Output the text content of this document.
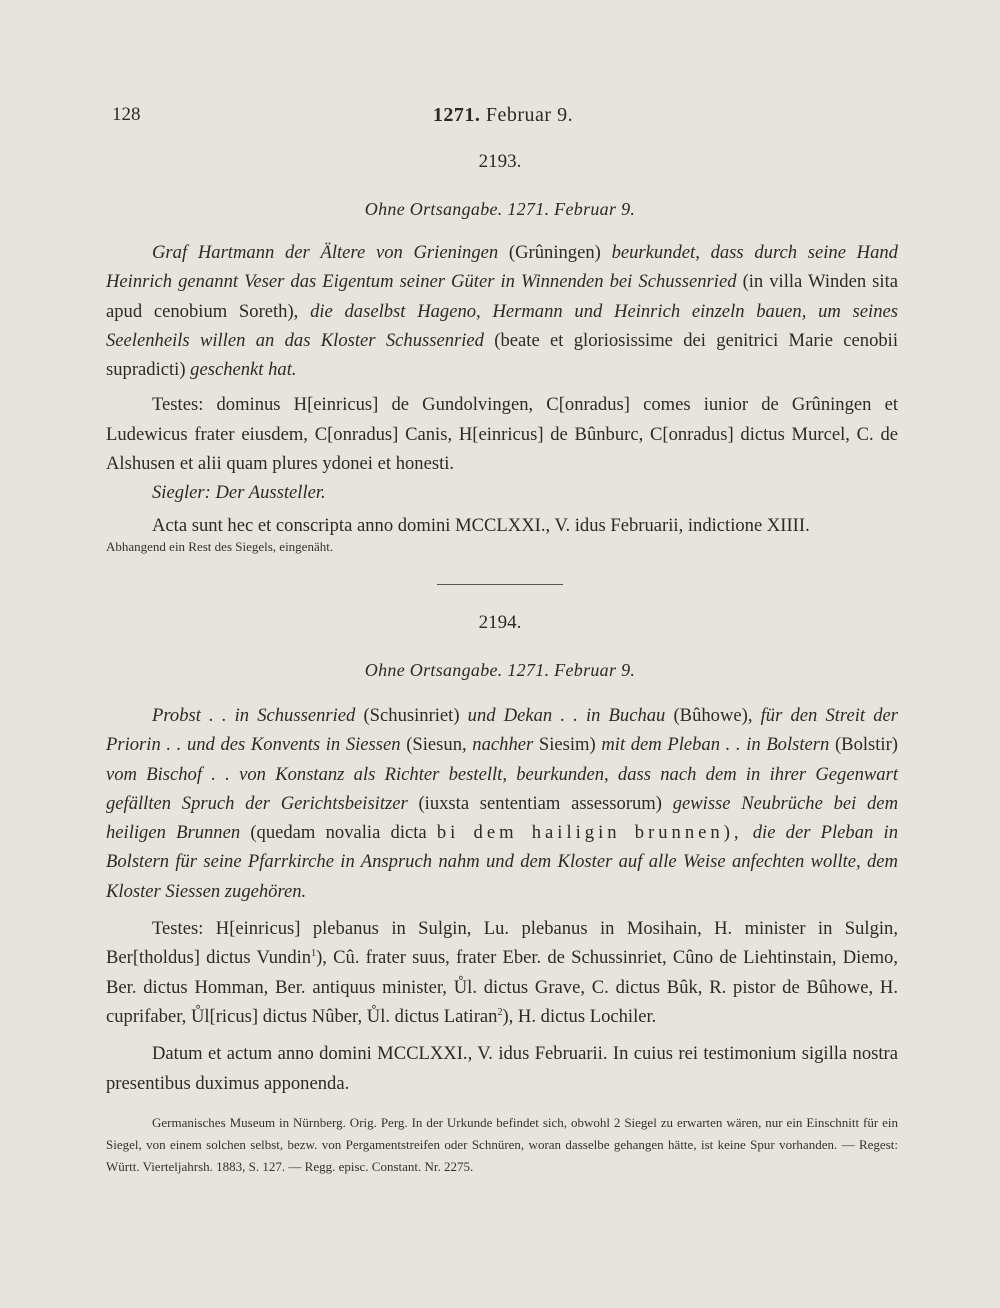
128	1271. Februar 9.
2193.
Ohne Ortsangabe. 1271. Februar 9.

Graf Hartmann der Ältere von Grieningen (Grûningen) beurkundet, dass durch seine Hand Heinrich genannt Veser das Eigentum seiner Güter in Winnenden bei Schussenried (in villa Winden sita apud cenobium Soreth), die daselbst Hageno, Hermann und Heinrich einzeln bauen, um seines Seelenheils willen an das Kloster Schussenried (beate et gloriosissime dei genitrici Marie cenobii supradicti) geschenkt hat.

Testes: dominus H[einricus] de Gundolvingen, C[onradus] comes iunior de Grûningen et Ludewicus frater eiusdem, C[onradus] Canis, H[einricus] de Bûnburc, C[onradus] dictus Murcel, C. de Alshusen et alii quam plures ydonei et honesti.

Siegler: Der Aussteller.

Acta sunt hec et conscripta anno domini MCCLXXI., V. idus Februarii, indictione XIIII.

Abhangend ein Rest des Siegels, eingenäht.
2194.
Ohne Ortsangabe. 1271. Februar 9.

Probst . . in Schussenried (Schusinriet) und Dekan . . in Buchau (Bûhowe), für den Streit der Priorin . . und des Konvents in Siessen (Siesun, nachher Siesim) mit dem Pleban . . in Bolstern (Bolstir) vom Bischof . . von Konstanz als Richter bestellt, beurkunden, dass nach dem in ihrer Gegenwart gefällten Spruch der Gerichtsbeisitzer (iuxsta sententiam assessorum) gewisse Neubrüche bei dem heiligen Brunnen (quedam novalia dicta bi dem hailigin brunnen), die der Pleban in Bolstern für seine Pfarrkirche in Anspruch nahm und dem Kloster auf alle Weise anfechten wollte, dem Kloster Siessen zugehören.

Testes: H[einricus] plebanus in Sulgin, Lu. plebanus in Mosihain, H. minister in Sulgin, Ber[tholdus] dictus Vundin$^1$), Cû. frater suus, frater Eber. de Schussinriet, Cûno de Liehtinstain, Diemo, Ber. dictus Homman, Ber. antiquus minister, Ůl. dictus Grave, C. dictus Bûk, R. pistor de Bûhowe, H. cuprifaber, Ůl[ricus] dictus Nûber, Ůl. dictus Latiran$^2$), H. dictus Lochiler.

Datum et actum anno domini MCCLXXI., V. idus Februarii. In cuius rei testimonium sigilla nostra presentibus duximus apponenda.

Germanisches Museum in Nürnberg. Orig. Perg. In der Urkunde befindet sich, obwohl 2 Siegel zu erwarten wären, nur ein Einschnitt für ein Siegel, von einem solchen selbst, bezw. von Pergamentstreifen oder Schnüren, woran dasselbe gehangen hätte, ist keine Spur vorhanden. — Regest: Württ. Vierteljahrsh. 1883, S. 127. — Regg. episc. Constant. Nr. 2275.
